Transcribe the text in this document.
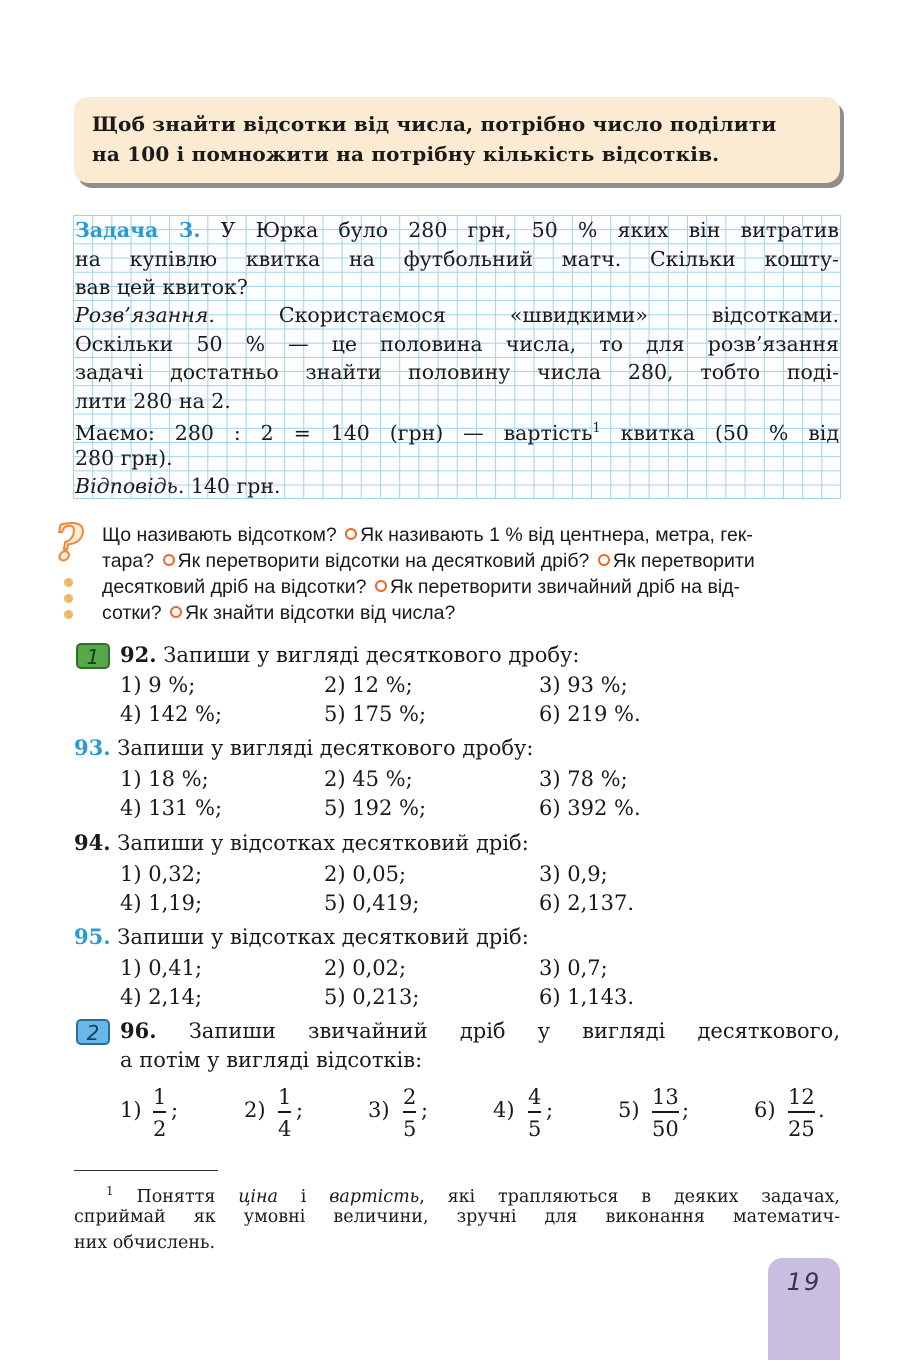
Щоб знайти відсотки від числа, потрібно число поділити
на 100 і помножити на потрібну кількість відсотків.
Задача 3. У Юрка було 280 грн, 50 % яких він витратив
на купівлю квитка на футбольний матч. Скільки кошту-
вав цей квиток?
Розв’язання.	Скористаємося «швидкими» відсотками.
Оскільки 50 % — це половина числа, то для розв’язання
задачі достатньо знайти половину числа 280, тобто поді-
лити 280 на 2.
Маємо: 280 : 2 = 140 (грн) — вартість$^1$ квитка (50 % від
280 грн).
Відповідь. 140 грн.
? Що називають відсотком? Як називають 1 % від центнера, метра, гек-
тара? Як перетворити відсотки на десятковий дріб? Як перетворити
десятковий дріб на відсотки? Як перетворити звичайний дріб на від-
сотки? Як знайти відсотки від числа?
1 92. Запиши у вигляді десяткового дробу:
1) 9 %;	2) 12 %;	3) 93 %;
4) 142 %;	5) 175 %;	6) 219 %.
93. Запиши у вигляді десяткового дробу:
1) 18 %;	2) 45 %;	3) 78 %;
4) 131 %;	5) 192 %;	6) 392 %.
94. Запиши у відсотках десятковий дріб:
1) 0,32;	2) 0,05;	3) 0,9;
4) 1,19;	5) 0,419;	6) 2,137.
95. Запиши у відсотках десятковий дріб:
1) 0,41;	2) 0,02;	3) 0,7;
4) 2,14;	5) 0,213;	6) 1,143.
2 96. Запиши звичайний дріб у вигляді десяткового,
а потім у вигляді відсотків:
1)
1
2
;	2)
1
4
;	3)
2
5
;	4)
4
5
;	5)
13
50
;	6)
12
25
.
$^1$ Поняття ціна і вартість, які трапляються в деяких задачах,
сприймай як умовні величини, зручні для виконання математич-
них обчислень.
19
